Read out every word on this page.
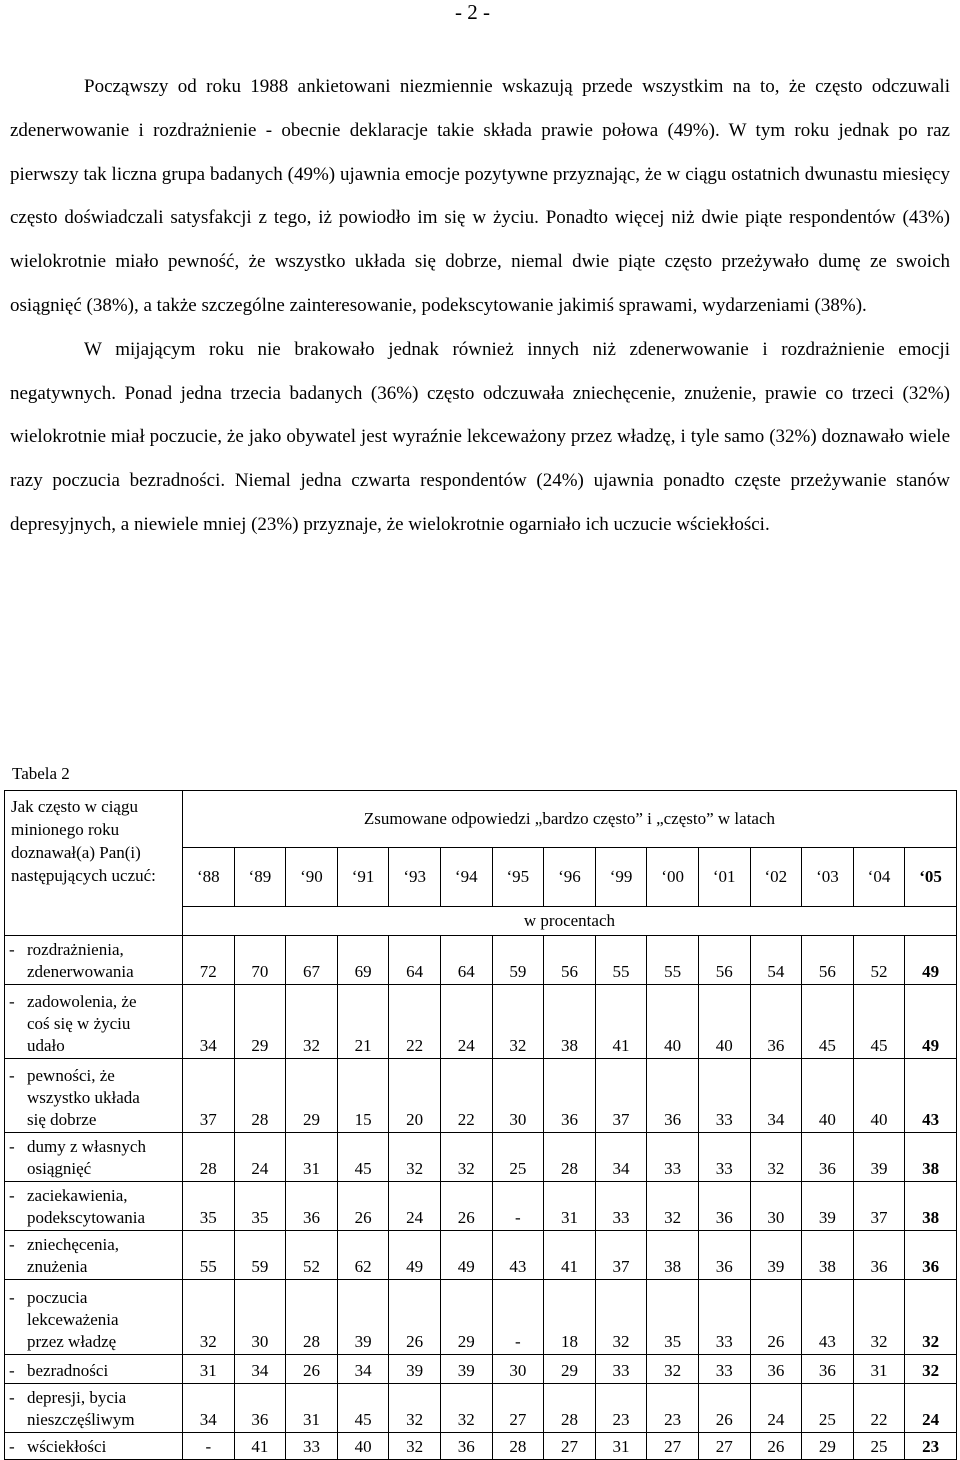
- 2 -

Począwszy od roku 1988 ankietowani niezmiennie wskazują przede wszystkim na to, że często odczuwali zdenerwowanie i rozdrażnienie - obecnie deklaracje takie składa prawie połowa (49%). W tym roku jednak po raz pierwszy tak liczna grupa badanych (49%) ujawnia emocje pozytywne przyznając, że w ciągu ostatnich dwunastu miesięcy często doświadczali satysfakcji z tego, iż powiodło im się w życiu. Ponadto więcej niż dwie piąte respondentów (43%) wielokrotnie miało pewność, że wszystko układa się dobrze, niemal dwie piąte często przeżywało dumę ze swoich osiągnięć (38%), a także szczególne zainteresowanie, podekscytowanie jakimiś sprawami, wydarzeniami (38%).

W mijającym roku nie brakowało jednak również innych niż zdenerwowanie i rozdrażnienie emocji negatywnych. Ponad jedna trzecia badanych (36%) często odczuwała zniechęcenie, znużenie, prawie co trzeci (32%) wielokrotnie miał poczucie, że jako obywatel jest wyraźnie lekceważony przez władzę, i tyle samo (32%) doznawało wiele razy poczucia bezradności. Niemal jedna czwarta respondentów (24%) ujawnia ponadto częste przeżywanie stanów depresyjnych, a niewiele mniej (23%) przyznaje, że wielokrotnie ogarniało ich uczucie wściekłości.

Tabela 2
Jak często w ciągu minionego roku doznawał(a) Pan(i) następujących uczuć:	Zsumowane odpowiedzi „bardzo często” i „często” w latach														
	‘88	‘89	‘90	‘91	‘93	‘94	‘95	‘96	‘99	‘00	‘01	‘02	‘03	‘04	‘05
	w procentach														

- rozdrażnienia,
zdenerwowania	72	70	67	69	64	64	59	56	55	55	56	54	56	52	49

- zadowolenia, że
coś się w życiu
udało	34	29	32	21	22	24	32	38	41	40	40	36	45	45	49

- pewności, że
wszystko układa
się dobrze	37	28	29	15	20	22	30	36	37	36	33	34	40	40	43

- dumy z własnych
osiągnięć	28	24	31	45	32	32	25	28	34	33	33	32	36	39	38

- zaciekawienia,
podekscytowania	35	35	36	26	24	26	-	31	33	32	36	30	39	37	38

- zniechęcenia,
znużenia	55	59	52	62	49	49	43	41	37	38	36	39	38	36	36

- poczucia
lekceważenia
przez władzę	32	30	28	39	26	29	-	18	32	35	33	26	43	32	32

- bezradności	31	34	26	34	39	39	30	29	33	32	33	36	36	31	32

- depresji, bycia
nieszczęśliwym	34	36	31	45	32	32	27	28	23	23	26	24	25	22	24

- wściekłości	-	41	33	40	32	36	28	27	31	27	27	26	29	25	23
